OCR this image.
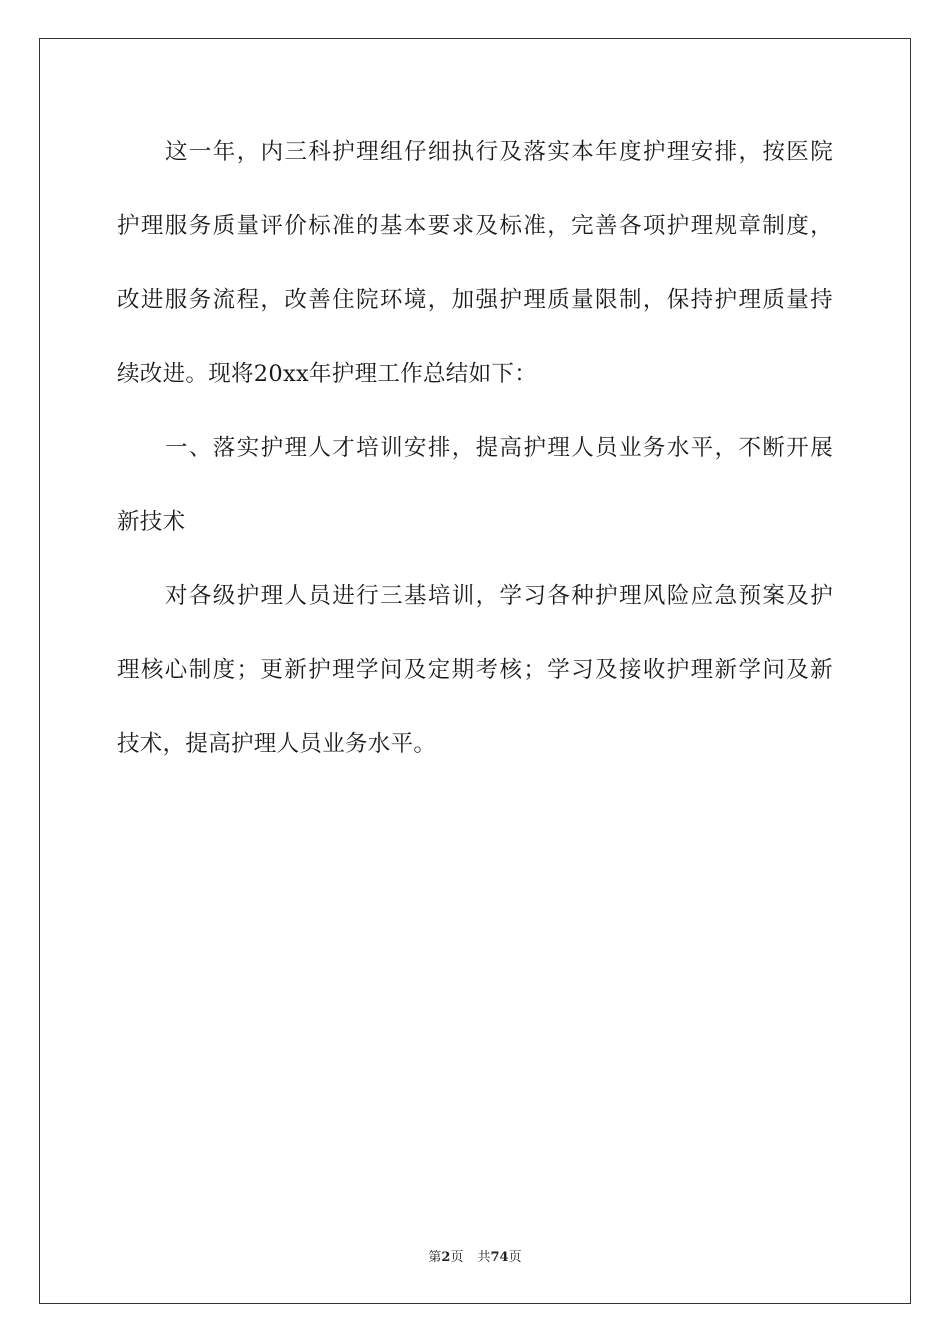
这一年，内三科护理组仔细执行及落实本年度护理安排，按医院
护理服务质量评价标准的基本要求及标准，完善各项护理规章制度，
改进服务流程，改善住院环境，加强护理质量限制，保持护理质量持
续改进。现将20xx年护理工作总结如下：
一、落实护理人才培训安排，提高护理人员业务水平，不断开展
新技术
对各级护理人员进行三基培训，学习各种护理风险应急预案及护
理核心制度；更新护理学问及定期考核；学习及接收护理新学问及新
技术，提高护理人员业务水平。
第2页 共74页
